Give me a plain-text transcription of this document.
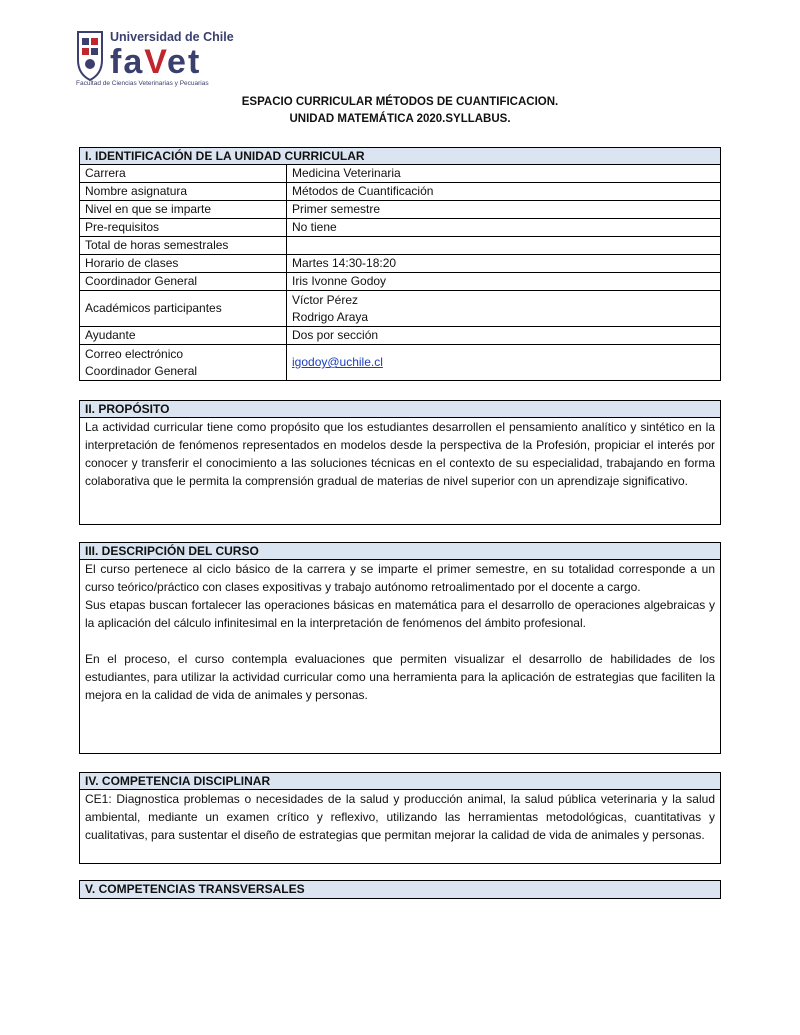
Universidad de Chile
faVet
Facultad de Ciencias Veterinarias y Pecuarias
ESPACIO CURRICULAR MÉTODOS DE CUANTIFICACION.
UNIDAD MATEMÁTICA 2020.SYLLABUS.
I. IDENTIFICACIÓN DE LA UNIDAD CURRICULAR
Carrera	Medicina Veterinaria
Nombre asignatura	Métodos de Cuantificación
Nivel en que se imparte	Primer semestre
Pre-requisitos	No tiene
Total de horas semestrales	
Horario de clases	Martes 14:30-18:20
Coordinador General	Iris Ivonne Godoy
Académicos participantes	Víctor Pérez
Rodrigo Araya

Ayudante	Dos por sección

Correo electrónico
Coordinador General	igodoy@uchile.cl
II. PROPÓSITO
La actividad curricular tiene como propósito que los estudiantes desarrollen el pensamiento analítico y sintético en la interpretación de fenómenos representados en modelos desde la perspectiva de la Profesión, propiciar el interés por conocer y transferir el conocimiento a las soluciones técnicas en el contexto de su especialidad, trabajando en forma colaborativa que le permita la comprensión gradual de materias de nivel superior con un aprendizaje significativo.
III. DESCRIPCIÓN DEL CURSO

El curso pertenece al ciclo básico de la carrera y se imparte el primer semestre, en su totalidad corresponde a un curso teórico/práctico con clases expositivas y trabajo autónomo retroalimentado por el docente a cargo.

Sus etapas buscan fortalecer las operaciones básicas en matemática para el desarrollo de operaciones algebraicas y la aplicación del cálculo infinitesimal en la interpretación de fenómenos del ámbito profesional.

En el proceso, el curso contempla evaluaciones que permiten visualizar el desarrollo de habilidades de los estudiantes, para utilizar la actividad curricular como una herramienta para la aplicación de estrategias que faciliten la mejora en la calidad de vida de animales y personas.

IV. COMPETENCIA DISCIPLINAR
CE1: Diagnostica problemas o necesidades de la salud y producción animal, la salud pública veterinaria y la salud ambiental, mediante un examen crítico y reflexivo, utilizando las herramientas metodológicas, cuantitativas y cualitativas, para sustentar el diseño de estrategias que permitan mejorar la calidad de vida de animales y personas.
V. COMPETENCIAS TRANSVERSALES
